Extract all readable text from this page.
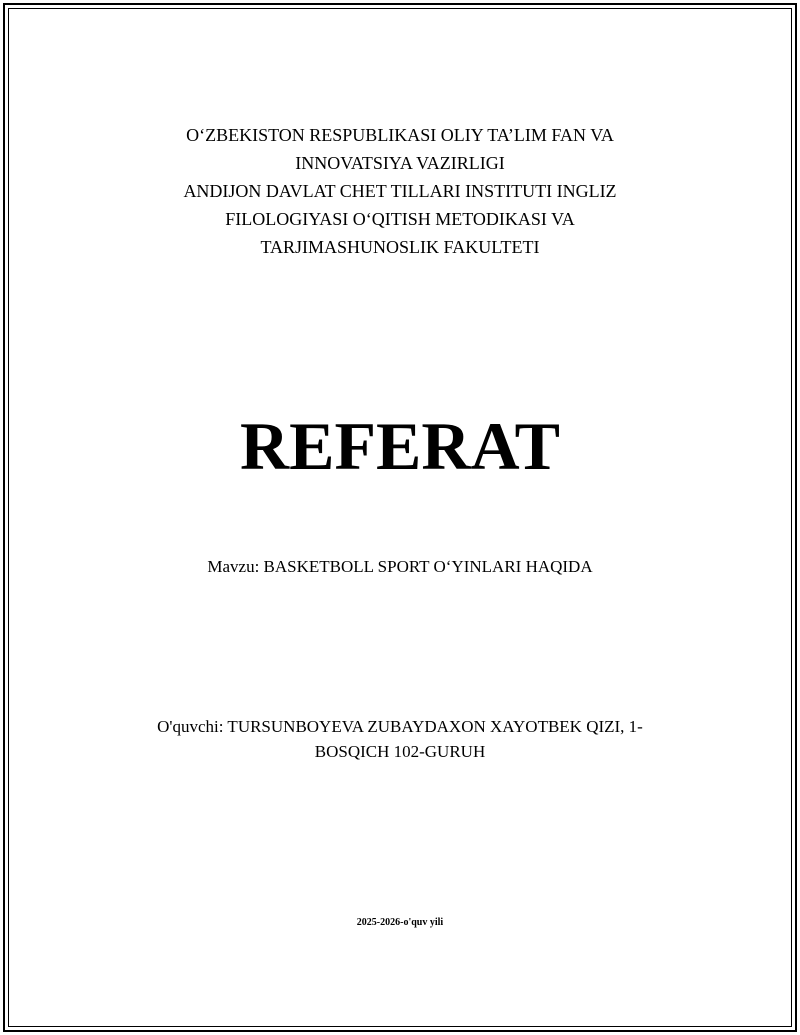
O‘ZBEKISTON RESPUBLIKASI OLIY TA’LIM FAN VA
INNOVATSIYA VAZIRLIGI
ANDIJON DAVLAT CHET TILLARI INSTITUTI INGLIZ
FILOLOGIYASI O‘QITISH METODIKASI VA
TARJIMASHUNOSLIK FAKULTETI
REFERAT
Mavzu: BASKETBOLL SPORT O‘YINLARI HAQIDA
O'quvchi: TURSUNBOYEVA ZUBAYDAXON XAYOTBEK QIZI, 1-
BOSQICH 102-GURUH
2025-2026-o'quv yili
